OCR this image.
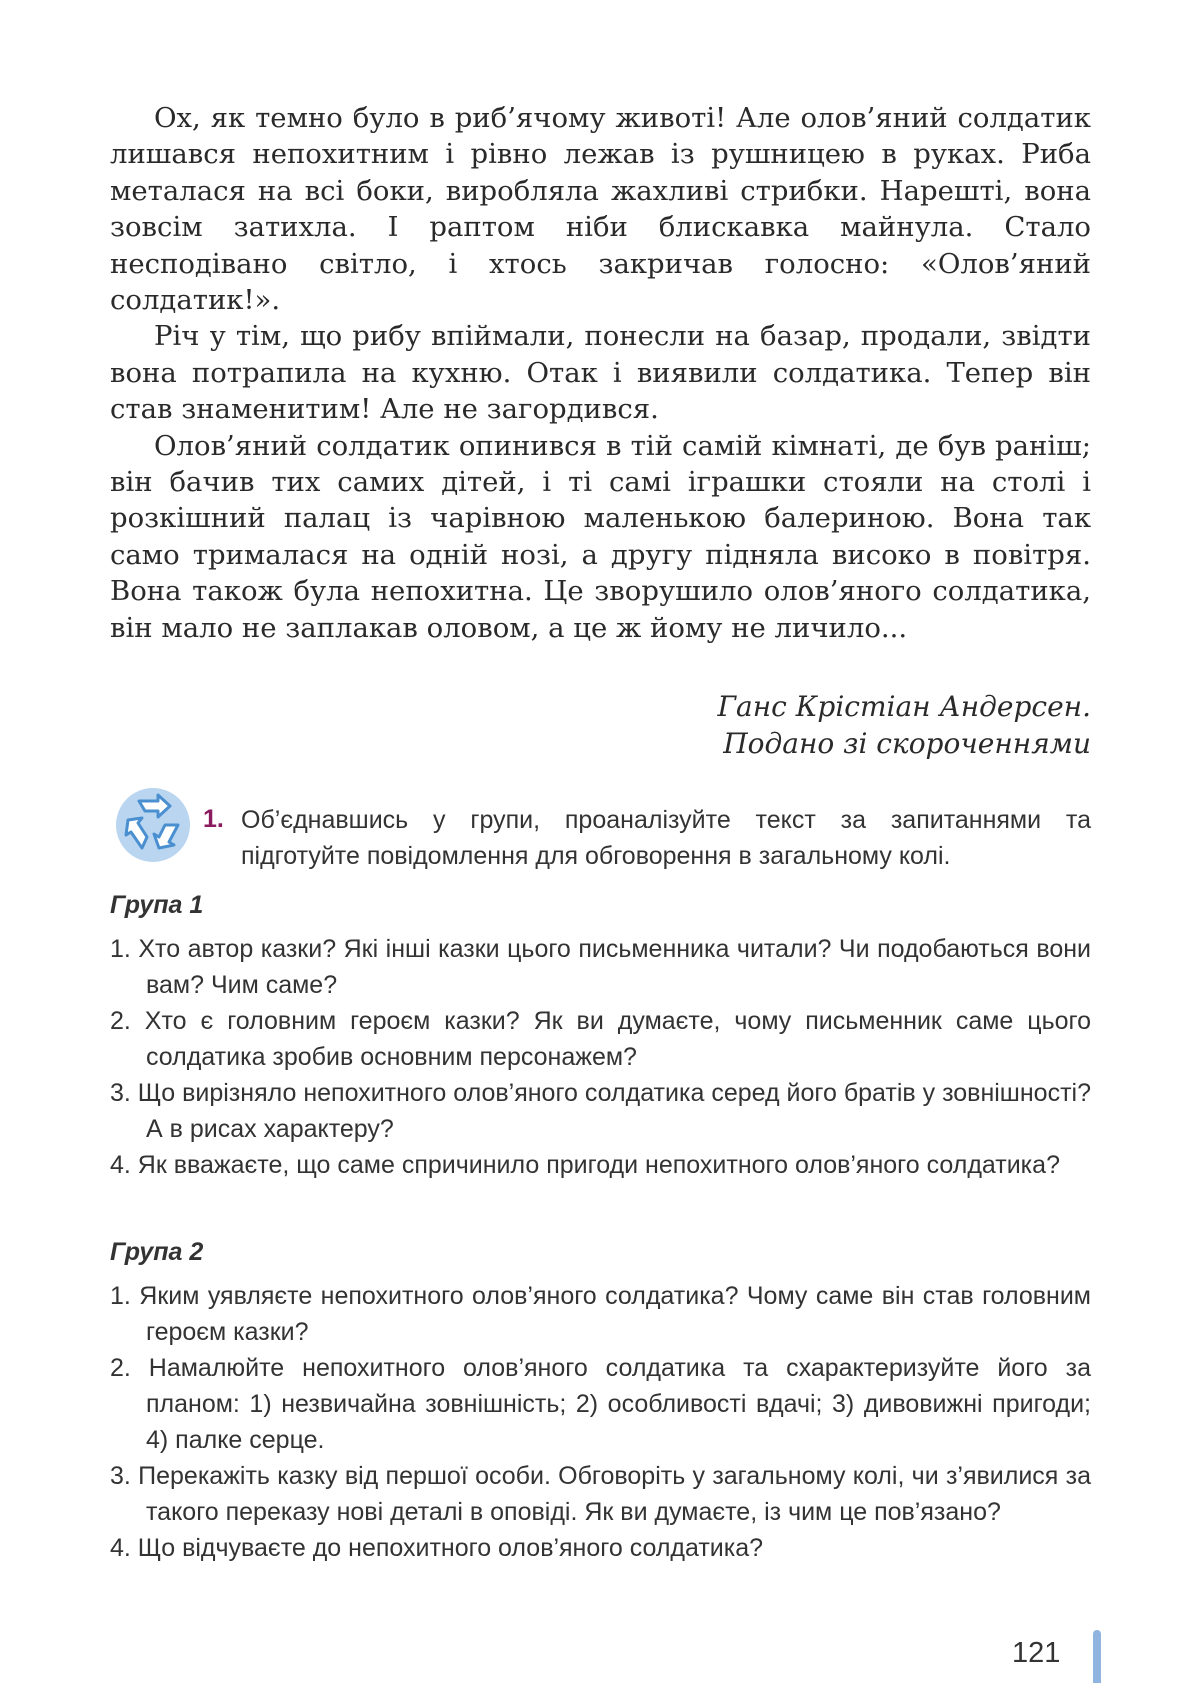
Ох, як темно було в риб’ячому животі! Але олов’яний солдатик лишався непохитним і рівно лежав із рушницею в руках. Риба металася на всі боки, виробляла жахливі стрибки. Нарешті, вона зовсім затихла. І раптом ніби блискавка майнула. Стало несподівано світло, і хтось закричав голосно: «Олов’яний солдатик!».

Річ у тім, що рибу впіймали, понесли на базар, продали, звідти вона потрапила на кухню. Отак і виявили солдатика. Тепер він став знаменитим! Але не загордився.

Олов’яний солдатик опинився в тій самій кімнаті, де був раніш; він бачив тих самих дітей, і ті самі іграшки стояли на столі і розкішний палац із чарівною маленькою балериною. Вона так само трималася на одній нозі, а другу підняла високо в повітря. Вона також була непохитна. Це зворушило олов’яного солдатика, він мало не заплакав оловом, а це ж йому не личило...

Ганс Крістіан Андерсен.
Подано зі скороченнями
1. Об’єднавшись у групи, проаналізуйте текст за запитаннями та підготуйте повідомлення для обговорення в загальному колі.
Група 1
1. Хто автор казки? Які інші казки цього письменника читали? Чи подобаються вони вам? Чим саме?
2. Хто є головним героєм казки? Як ви думаєте, чому письменник саме цього солдатика зробив основним персонажем?
3. Що вирізняло непохитного олов’яного солдатика серед його братів у зовнішності? А в рисах характеру?
4. Як вважаєте, що саме спричинило пригоди непохитного олов’яного солдатика?
Група 2
1. Яким уявляєте непохитного олов’яного солдатика? Чому саме він став головним героєм казки?
2. Намалюйте непохитного олов’яного солдатика та схарактеризуйте його за планом: 1) незвичайна зовнішність; 2) особливості вдачі; 3) дивовижні пригоди; 4) палке серце.
3. Перекажіть казку від першої особи. Обговоріть у загальному колі, чи з’явилися за такого переказу нові деталі в оповіді. Як ви думаєте, із чим це пов’язано?
4. Що відчуваєте до непохитного олов’яного солдатика?
121
